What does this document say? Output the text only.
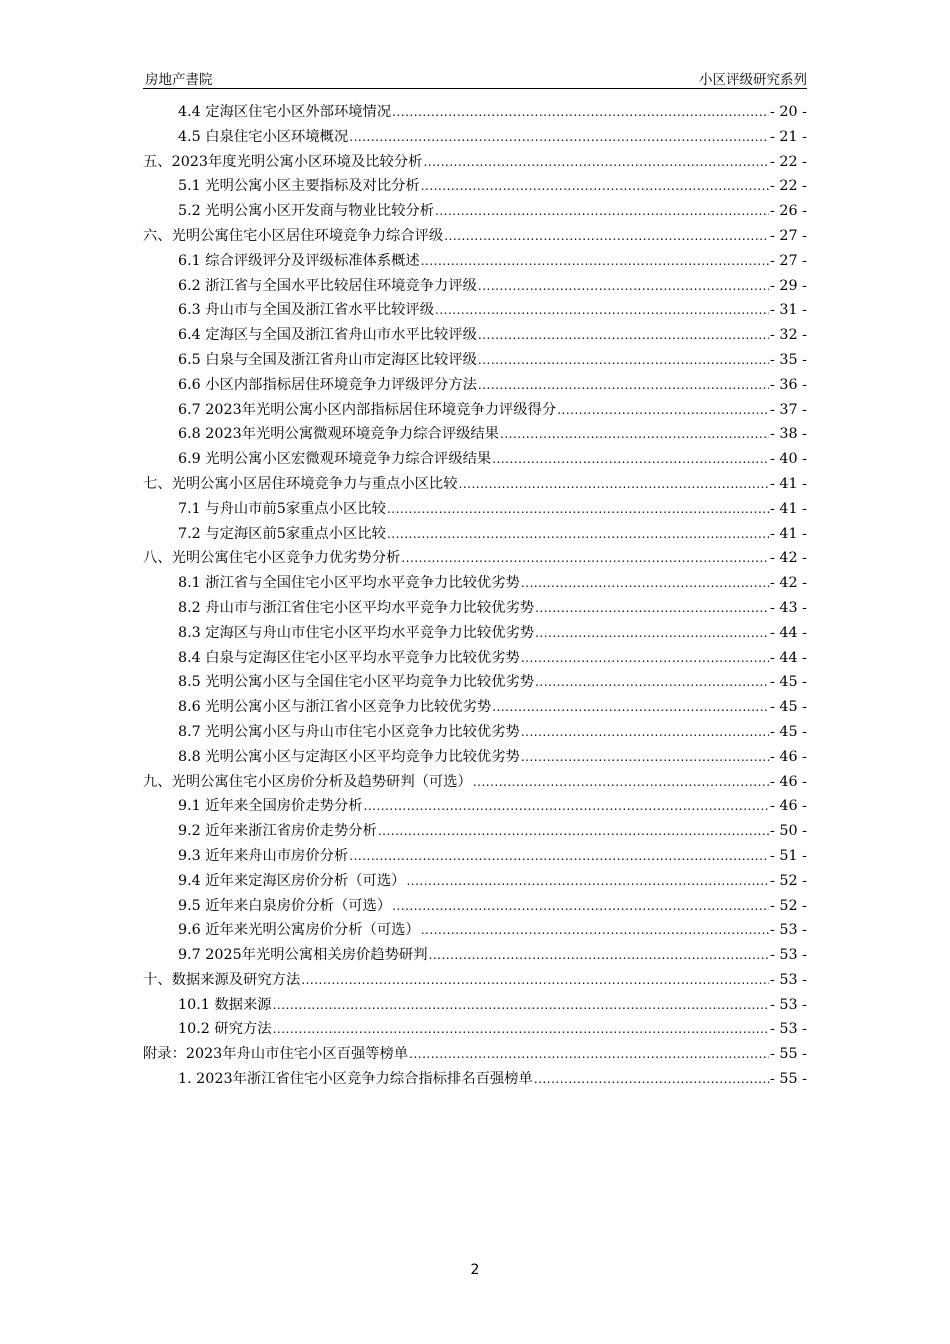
房地产書院	小区评级研究系列
4.4 定海区住宅小区外部环境情况 .....	- 20 -
4.5 白泉住宅小区环境概况 .....	- 21 -
五、2023年度光明公寓小区环境及比较分析 .....	- 22 -
5.1 光明公寓小区主要指标及对比分析 .....	- 22 -
5.2 光明公寓小区开发商与物业比较分析 .....	- 26 -
六、光明公寓住宅小区居住环境竞争力综合评级 .....	- 27 -
6.1 综合评级评分及评级标准体系概述 .....	- 27 -
6.2 浙江省与全国水平比较居住环境竞争力评级 .....	- 29 -
6.3 舟山市与全国及浙江省水平比较评级 .....	- 31 -
6.4 定海区与全国及浙江省舟山市水平比较评级 .....	- 32 -
6.5 白泉与全国及浙江省舟山市定海区比较评级 .....	- 35 -
6.6 小区内部指标居住环境竞争力评级评分方法 .....	- 36 -
6.7 2023年光明公寓小区内部指标居住环境竞争力评级得分 .....	- 37 -
6.8 2023年光明公寓微观环境竞争力综合评级结果 .....	- 38 -
6.9 光明公寓小区宏微观环境竞争力综合评级结果 .....	- 40 -
七、光明公寓小区居住环境竞争力与重点小区比较 .....	- 41 -
7.1 与舟山市前5家重点小区比较 .....	- 41 -
7.2 与定海区前5家重点小区比较 .....	- 41 -
八、光明公寓住宅小区竞争力优劣势分析 .....	- 42 -
8.1 浙江省与全国住宅小区平均水平竞争力比较优劣势 .....	- 42 -
8.2 舟山市与浙江省住宅小区平均水平竞争力比较优劣势 .....	- 43 -
8.3 定海区与舟山市住宅小区平均水平竞争力比较优劣势 .....	- 44 -
8.4 白泉与定海区住宅小区平均水平竞争力比较优劣势 .....	- 44 -
8.5 光明公寓小区与全国住宅小区平均竞争力比较优劣势 .....	- 45 -
8.6 光明公寓小区与浙江省小区竞争力比较优劣势 .....	- 45 -
8.7 光明公寓小区与舟山市住宅小区竞争力比较优劣势 .....	- 45 -
8.8 光明公寓小区与定海区小区平均竞争力比较优劣势 .....	- 46 -
九、光明公寓住宅小区房价分析及趋势研判（可选） .....	- 46 -
9.1 近年来全国房价走势分析 .....	- 46 -
9.2 近年来浙江省房价走势分析 .....	- 50 -
9.3 近年来舟山市房价分析 .....	- 51 -
9.4 近年来定海区房价分析（可选） .....	- 52 -
9.5 近年来白泉房价分析（可选） .....	- 52 -
9.6 近年来光明公寓房价分析（可选） .....	- 53 -
9.7 2025年光明公寓相关房价趋势研判 .....	- 53 -
十、数据来源及研究方法 .....	- 53 -
10.1 数据来源 .....	- 53 -
10.2 研究方法 .....	- 53 -
附录：2023年舟山市住宅小区百强等榜单 .....	- 55 -
1. 2023年浙江省住宅小区竞争力综合指标排名百强榜单 .....	- 55 -
2
